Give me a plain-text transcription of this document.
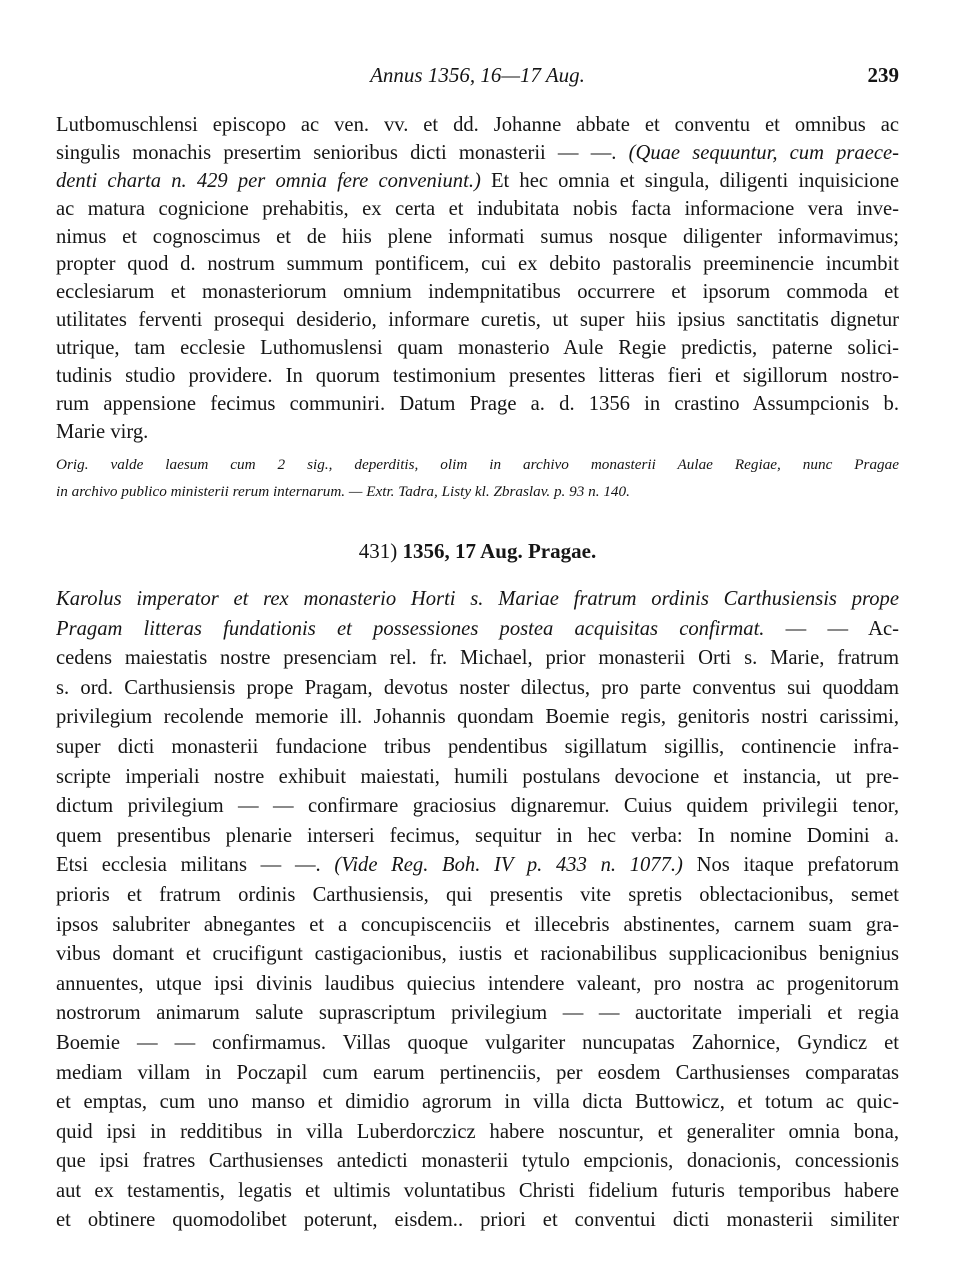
Annus 1356, 16—17 Aug.	239
Lutbomuschlensi episcopo ac ven. vv. et dd. Johanne abbate et conventu et omnibus ac
singulis monachis presertim senioribus dicti monasterii — —. (Quae sequuntur, cum praece-
denti charta n. 429 per omnia fere conveniunt.) Et hec omnia et singula, diligenti inquisicione
ac matura cognicione prehabitis, ex certa et indubitata nobis facta informacione vera inve-
nimus et cognoscimus et de hiis plene informati sumus nosque diligenter informavimus;
propter quod d. nostrum summum pontificem, cui ex debito pastoralis preeminencie incumbit
ecclesiarum et monasteriorum omnium indempnitatibus occurrere et ipsorum commoda et
utilitates ferventi prosequi desiderio, informare curetis, ut super hiis ipsius sanctitatis dignetur
utrique, tam ecclesie Luthomuslensi quam monasterio Aule Regie predictis, paterne solici-
tudinis studio providere. In quorum testimonium presentes litteras fieri et sigillorum nostro-
rum appensione fecimus communiri. Datum Prage a. d. 1356 in crastino Assumpcionis b.
Marie virg.
Orig. valde laesum cum 2 sig., deperditis, olim in archivo monasterii Aulae Regiae, nunc Pragae
in archivo publico ministerii rerum internarum. — Extr. Tadra, Listy kl. Zbraslav. p. 93 n. 140.
431) 1356, 17 Aug. Pragae.
Karolus imperator et rex monasterio Horti s. Mariae fratrum ordinis Carthusiensis prope
Pragam litteras fundationis et possessiones postea acquisitas confirmat. — — Ac-
cedens maiestatis nostre presenciam rel. fr. Michael, prior monasterii Orti s. Marie, fratrum
s. ord. Carthusiensis prope Pragam, devotus noster dilectus, pro parte conventus sui quoddam
privilegium recolende memorie ill. Johannis quondam Boemie regis, genitoris nostri carissimi,
super dicti monasterii fundacione tribus pendentibus sigillatum sigillis, continencie infra-
scripte imperiali nostre exhibuit maiestati, humili postulans devocione et instancia, ut pre-
dictum privilegium — — confirmare graciosius dignaremur. Cuius quidem privilegii tenor,
quem presentibus plenarie interseri fecimus, sequitur in hec verba: In nomine Domini a.
Etsi ecclesia militans — —. (Vide Reg. Boh. IV p. 433 n. 1077.) Nos itaque prefatorum
prioris et fratrum ordinis Carthusiensis, qui presentis vite spretis oblectacionibus, semet
ipsos salubriter abnegantes et a concupiscenciis et illecebris abstinentes, carnem suam gra-
vibus domant et crucifigunt castigacionibus, iustis et racionabilibus supplicacionibus benignius
annuentes, utque ipsi divinis laudibus quiecius intendere valeant, pro nostra ac progenitorum
nostrorum animarum salute suprascriptum privilegium — — auctoritate imperiali et regia
Boemie — — confirmamus. Villas quoque vulgariter nuncupatas Zahornice, Gyndicz et
mediam villam in Poczapil cum earum pertinenciis, per eosdem Carthusienses comparatas
et emptas, cum uno manso et dimidio agrorum in villa dicta Buttowicz, et totum ac quic-
quid ipsi in redditibus in villa Luberdorczicz habere noscuntur, et generaliter omnia bona,
que ipsi fratres Carthusienses antedicti monasterii tytulo empcionis, donacionis, concessionis
aut ex testamentis, legatis et ultimis voluntatibus Christi fidelium futuris temporibus habere
et obtinere quomodolibet poterunt, eisdem.. priori et conventui dicti monasterii similiter
